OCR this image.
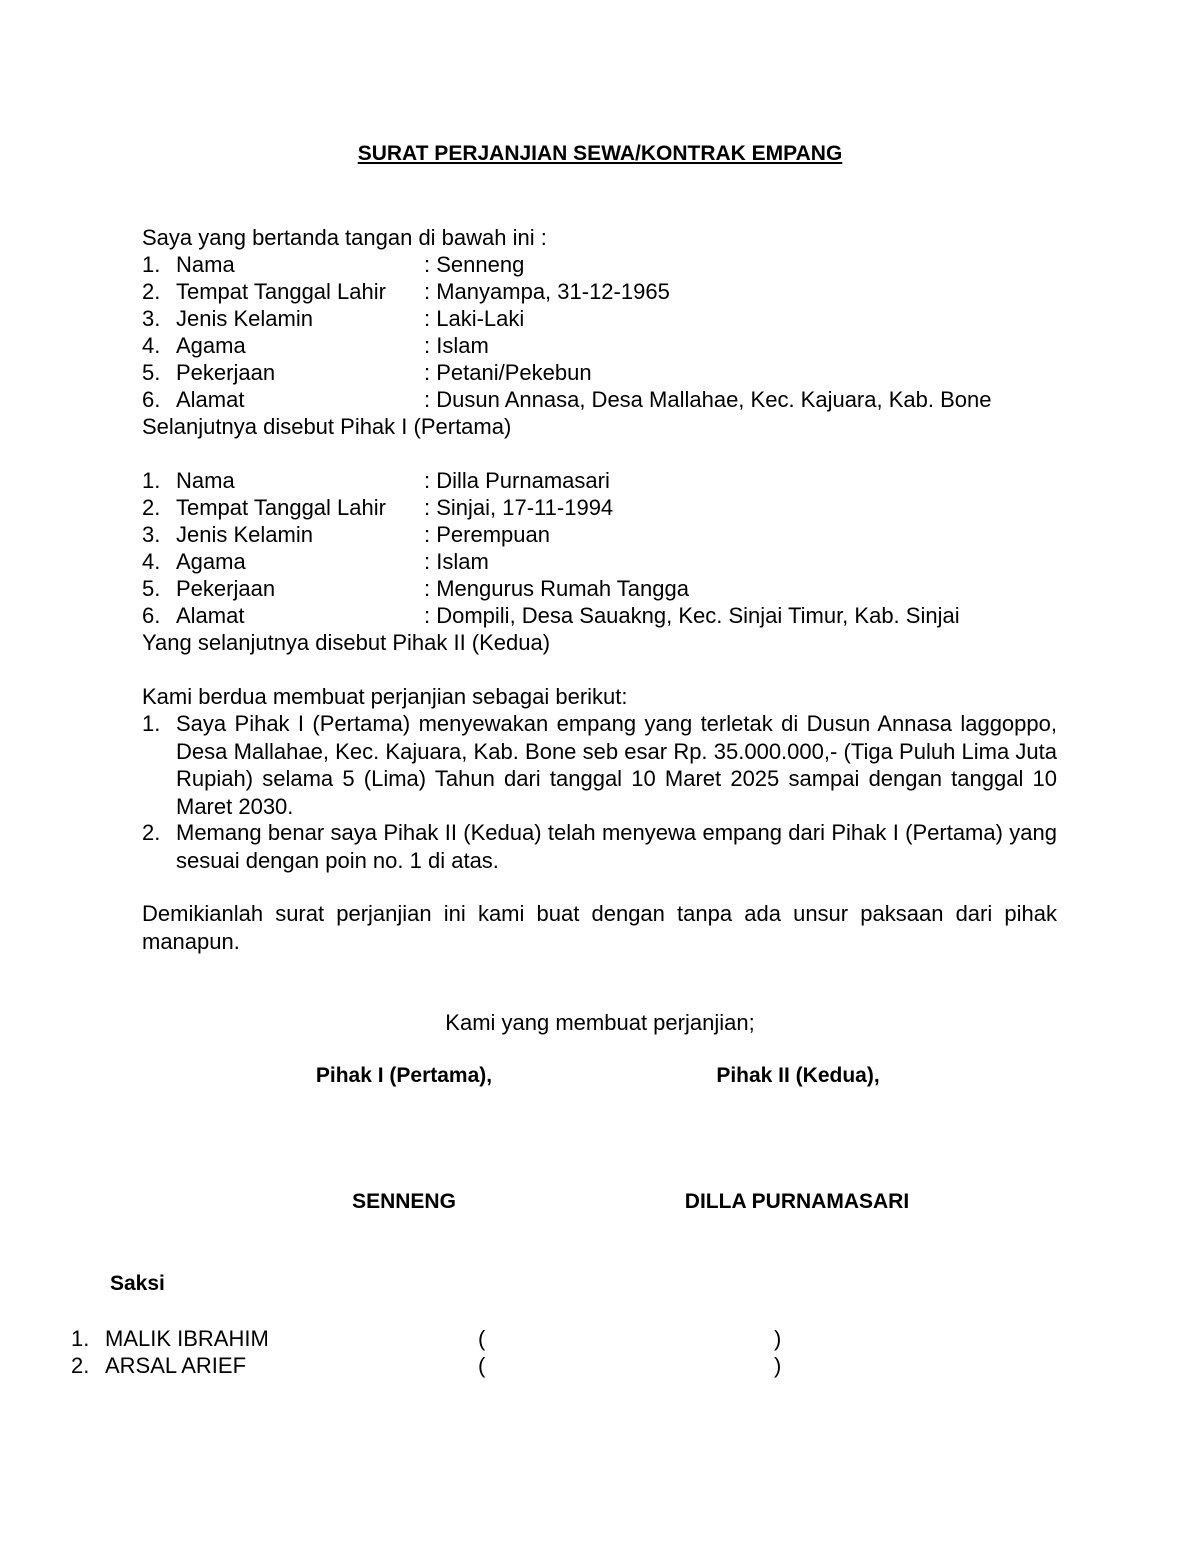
SURAT PERJANJIAN SEWA/KONTRAK EMPANG
Saya yang bertanda tangan di bawah ini :
1. Nama	: Senneng
2. Tempat Tanggal Lahir : Manyampa, 31-12-1965
3. Jenis Kelamin	: Laki-Laki
4. Agama	: Islam
5. Pekerjaan	: Petani/Pekebun
6. Alamat	: Dusun Annasa, Desa Mallahae, Kec. Kajuara, Kab. Bone
Selanjutnya disebut Pihak I (Pertama)
1. Nama	: Dilla Purnamasari
2. Tempat Tanggal Lahir : Sinjai, 17-11-1994
3. Jenis Kelamin	: Perempuan
4. Agama	: Islam
5. Pekerjaan	: Mengurus Rumah Tangga
6. Alamat	: Dompili, Desa Sauakng, Kec. Sinjai Timur, Kab. Sinjai
Yang selanjutnya disebut Pihak II (Kedua)
Kami berdua membuat perjanjian sebagai berikut:
1. Saya Pihak I (Pertama) menyewakan empang yang terletak di Dusun Annasa laggoppo, Desa Mallahae, Kec. Kajuara, Kab. Bone seb esar Rp. 35.000.000,- (Tiga Puluh Lima Juta Rupiah) selama 5 (Lima) Tahun dari tanggal 10 Maret 2025 sampai dengan tanggal 10 Maret 2030.
2. Memang benar saya Pihak II (Kedua) telah menyewa empang dari Pihak I (Pertama) yang sesuai dengan poin no. 1 di atas.
Demikianlah surat perjanjian ini kami buat dengan tanpa ada unsur paksaan dari pihak manapun.
Kami yang membuat perjanjian;
Pihak I (Pertama),	Pihak II (Kedua),
SENNENG	DILLA PURNAMASARI
Saksi
1. MALIK IBRAHIM	(	)
2. ARSAL ARIEF	(	)
